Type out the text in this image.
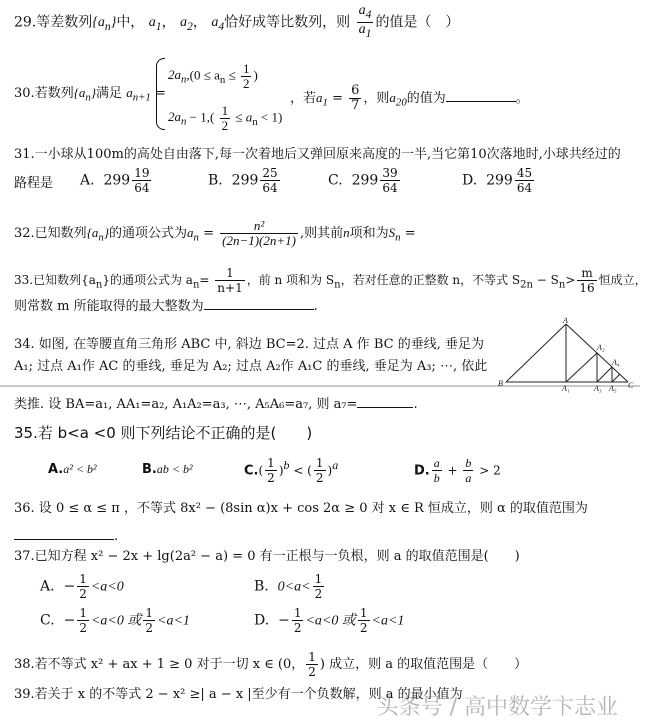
29.等差数列$\{a_n\}$中， $a_1$， $a_2$， $a_4$恰好成等比数列，则 $\frac{a_4}{a_1}$ 的值是（　）
30.若数列$\{a_n\}$满足 $a_{n+1}$ =
$2a_n,(0 \le a_n \le \frac{1}{2}$ )
$2a_n - 1,( \frac{1}{2} \le a_n < 1)$
，若$a_1 = \frac{6}{7}$ ，则$a_{20}$的值为	。
31.一小球从100m的高处自由落下,每一次着地后又弹回原来高度的一半,当它第10次落地时,小球共经过的
路程是 A. $299 \frac{19}{64}$	B. $299 \frac{25}{64}$	C. $299 \frac{39}{64}$	D. $299 \frac{45}{64}$
32.已知数列$\{a_n\}$的通项公式为$a_n = \frac{\text{n²}}{(2n-1)(2n+1)}$ ,则其前n项和为$S_n$ =
33.已知数列$\{a_n\}$的通项公式为 $a_n= \frac{1}{n+1}$ ，前 n 项和为 $S_n$，若对任意的正整数 n，不等式 $S_{2n} - S_n> \frac{m}{16}$ 恒成立，
则常数 m 所能取得的最大整数为	.
34. 如图, 在等腰直角三角形 ABC 中, 斜边 BC=2. 过点 A 作 BC 的垂线, 垂足为
A₁; 过点 A₁作 AC 的垂线, 垂足为 A₂; 过点 A₂作 A₁C 的垂线, 垂足为 A₃; ⋯, 依此
A
B	C
A₁
A₂
A₃
A₄
A₅
类推. 设 BA=a₁, AA₁=a₂, A₁A₂=a₃, ⋯, A₅A₆=a₇, 则 a₇=	.
35.若 b<a <0 则下列结论不正确的是(　　)
A.a² < b²	B.ab < b²	$C.( \frac{1}{2} )^b$ < ( $\frac{1}{2} )^a$	D. $\frac{a}{b} + \frac{b}{a} > 2$
36. 设 0 ≤ α ≤ π ，不等式 8x² − (8sin α)x + cos 2α ≥ 0 对 x ∈ R 恒成立，则 α 的取值范围为
.
37.已知方程 x² − 2x + lg(2a² − a) = 0 有一正根与一负根，则 a 的取值范围是(　　)
A. − $\frac{1}{2} <a<0$	B. $0<a< \frac{1}{2}$
C. − $\frac{1}{2} <a<0$ 或 $\frac{1}{2} <a<1$	D. − $\frac{1}{2} <a<0$ 或 $\frac{1}{2} <a<1$
38.若不等式 x² + ax + 1 ≥ 0 对于一切 x ∈ (0， $\frac{1}{2}$ ) 成立，则 a 的取值范围是（　　）
39.若关于 x 的不等式 2 − x² ≥| a − x |至少有一个负数解，则 a 的最小值为
头条号 / 高中数学卞志业
